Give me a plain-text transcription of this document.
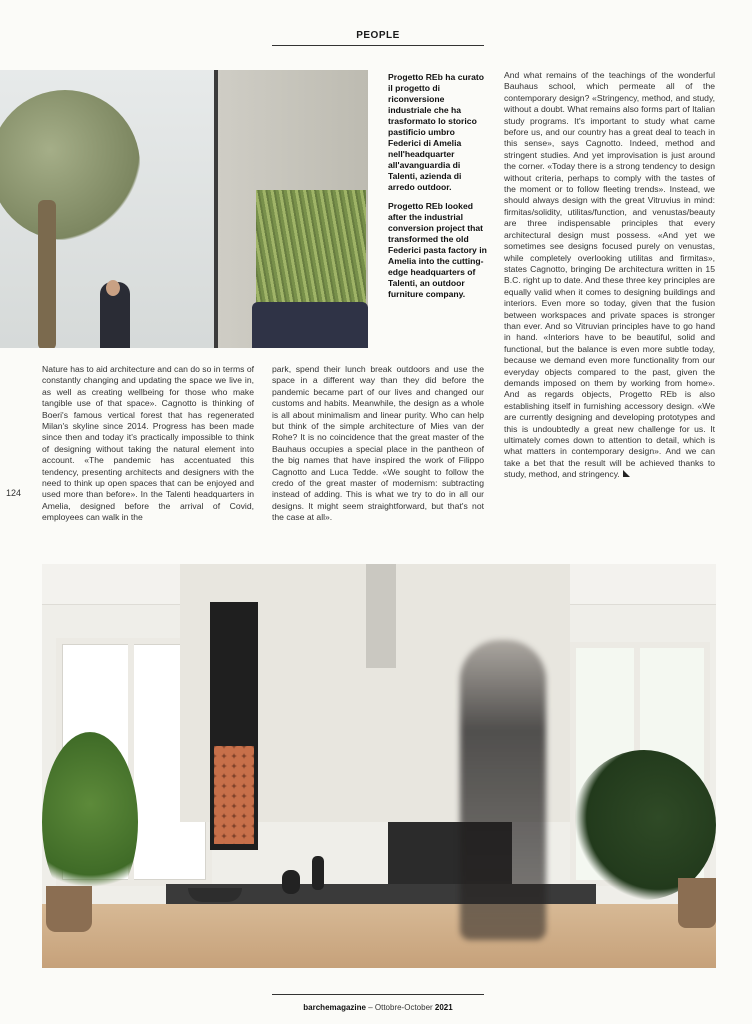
PEOPLE

Progetto REb ha curato il progetto di riconversione industriale che ha trasformato lo storico pastificio umbro Federici di Amelia nell'headquarter all'avanguardia di Talenti, azienda di arredo outdoor.

Progetto REb looked after the industrial conversion project that transformed the old Federici pasta factory in Amelia into the cutting-edge headquarters of Talenti, an outdoor furniture company.

Nature has to aid architecture and can do so in terms of constantly changing and updating the space we live in, as well as creating wellbeing for those who make tangible use of that space». Cagnotto is thinking of Boeri's famous vertical forest that has regenerated Milan's skyline since 2014. Progress has been made since then and today it's practically impossible to think of designing without taking the natural element into account. «The pandemic has accentuated this tendency, presenting architects and designers with the need to think up open spaces that can be enjoyed and used more than before». In the Talenti headquarters in Amelia, designed before the arrival of Covid, employees can walk in the

park, spend their lunch break outdoors and use the space in a different way than they did before the pandemic became part of our lives and changed our customs and habits. Meanwhile, the design as a whole is all about minimalism and linear purity. Who can help but think of the simple architecture of Mies van der Rohe? It is no coincidence that the great master of the Bauhaus occupies a special place in the pantheon of the big names that have inspired the work of Filippo Cagnotto and Luca Tedde. «We sought to follow the credo of the great master of modernism: subtracting instead of adding. This is what we try to do in all our designs. It might seem straightforward, but that's not the case at all».

And what remains of the teachings of the wonderful Bauhaus school, which permeate all of the contemporary design? «Stringency, method, and study, without a doubt. What remains also forms part of Italian study programs. It's important to study what came before us, and our country has a great deal to teach in this sense», says Cagnotto. Indeed, method and stringent studies. And yet improvisation is just around the corner. «Today there is a strong tendency to design without criteria, perhaps to comply with the tastes of the moment or to follow fleeting trends». Instead, we should always design with the great Vitruvius in mind: firmitas/solidity, utilitas/function, and venustas/beauty are three indispensable principles that every architectural design must possess. «And yet we sometimes see designs focused purely on venustas, while completely overlooking utilitas and firmitas», states Cagnotto, bringing De architectura written in 15 B.C. right up to date. And these three key principles are equally valid when it comes to designing buildings and interiors. Even more so today, given that the fusion between workspaces and private spaces is stronger than ever. And so Vitruvian principles have to go hand in hand. «Interiors have to be beautiful, solid and functional, but the balance is even more subtle today, because we demand even more functionality from our everyday objects compared to the past, given the demands imposed on them by working from home». And as regards objects, Progetto REb is also establishing itself in furnishing accessory design. «We are currently designing and developing prototypes and this is undoubtedly a great new challenge for us. It ultimately comes down to attention to detail, which is what matters in contemporary design». And we can take a bet that the result will be achieved thanks to study, method, and stringency.

124
barchemagazine – Ottobre-October 2021
